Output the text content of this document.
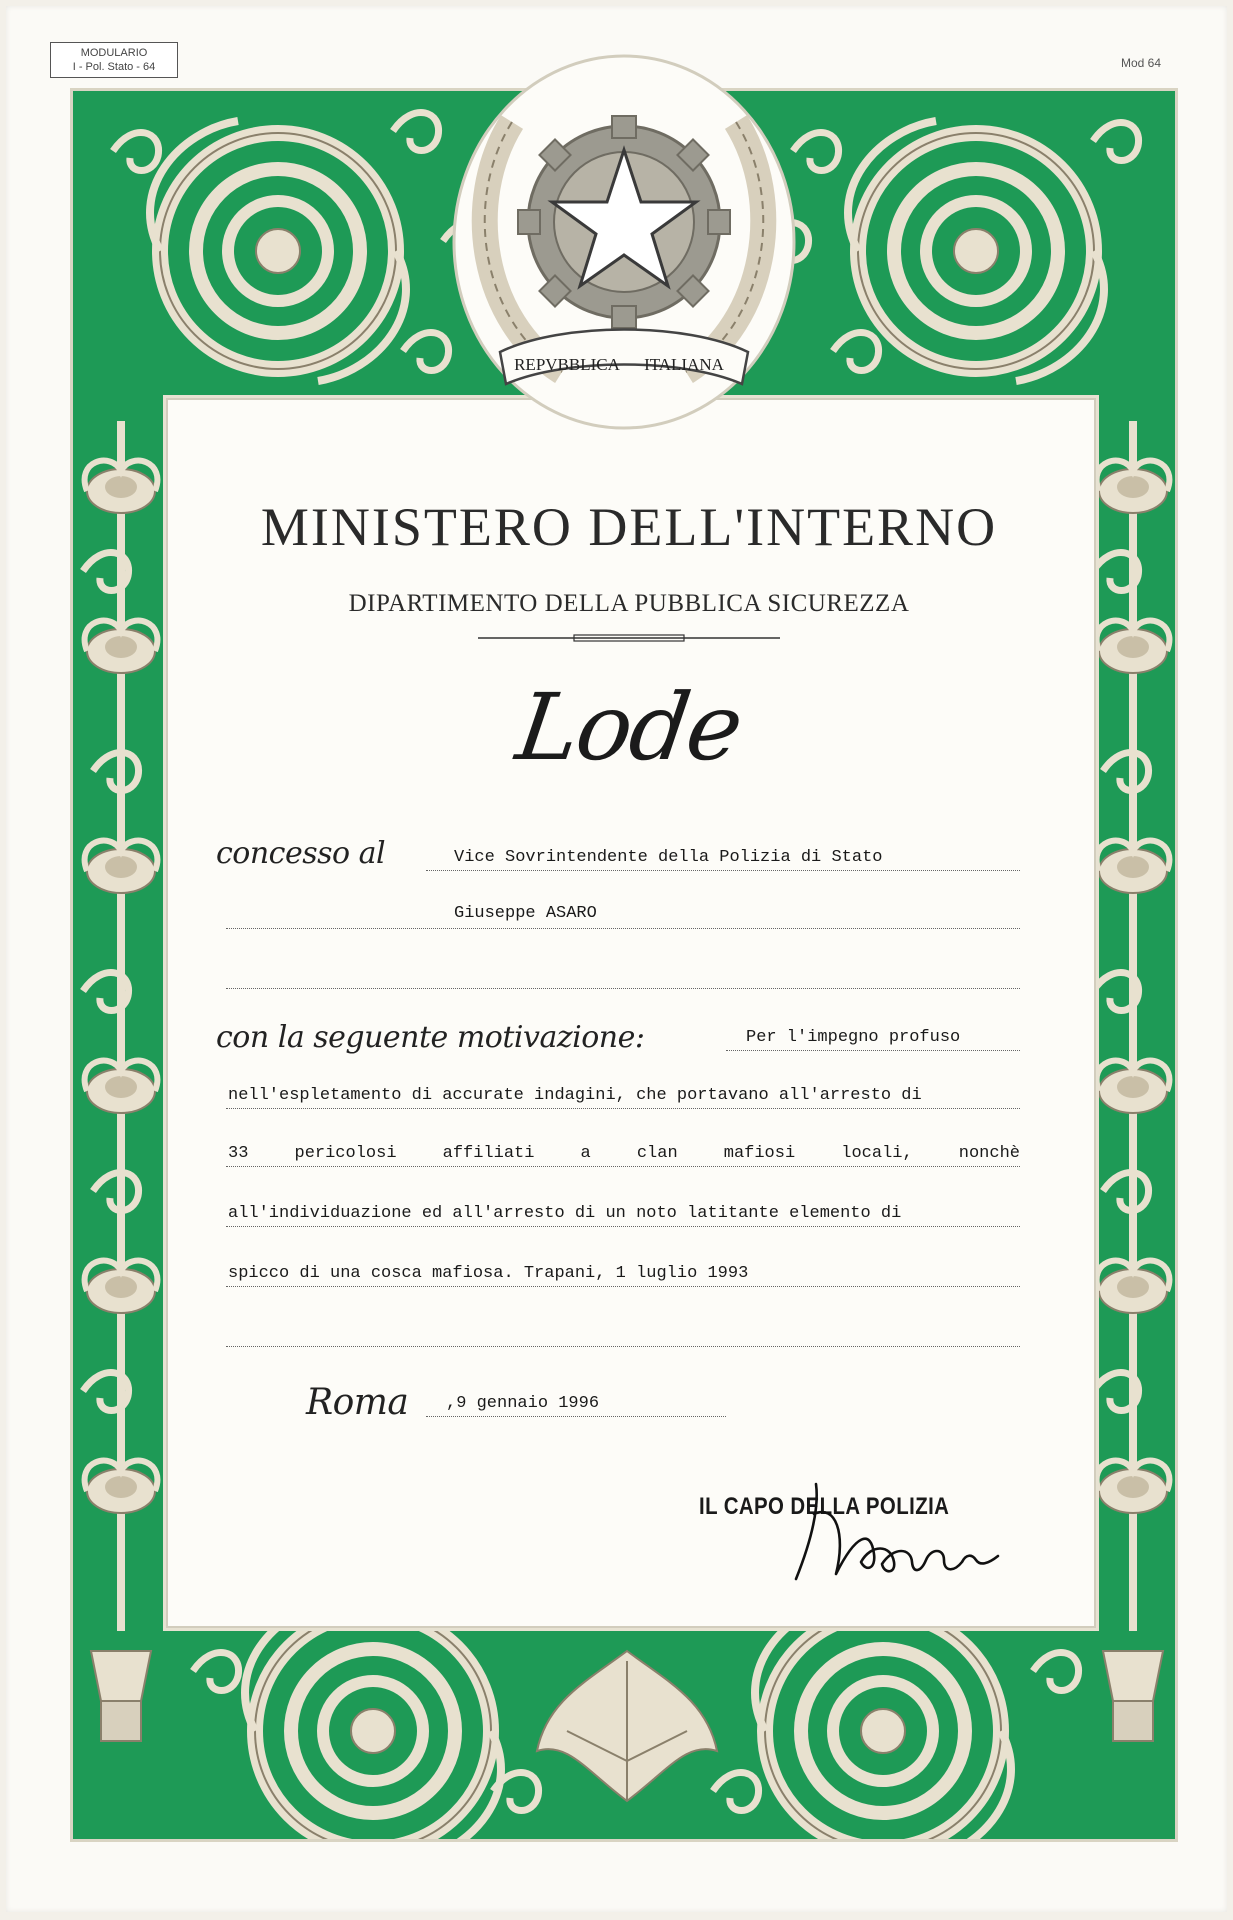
MODULARIO
I - Pol. Stato - 64	Mod 64
REPVBBLICA ITALIANA
MINISTERO DELL'INTERNO
DIPARTIMENTO DELLA PUBBLICA SICUREZZA
Lode
concesso al	Vice Sovrintendente della Polizia di Stato
Giuseppe ASARO
con la seguente motivazione:	Per l'impegno profuso
nell'espletamento di accurate indagini, che portavano all'arresto di
33	pericolosi	affiliati	a	clan	mafiosi	locali,	nonchè
all'individuazione ed all'arresto di un noto latitante elemento di
spicco di una cosca mafiosa. Trapani, 1 luglio 1993
Roma ,9 gennaio 1996
IL CAPO DELLA POLIZIA
